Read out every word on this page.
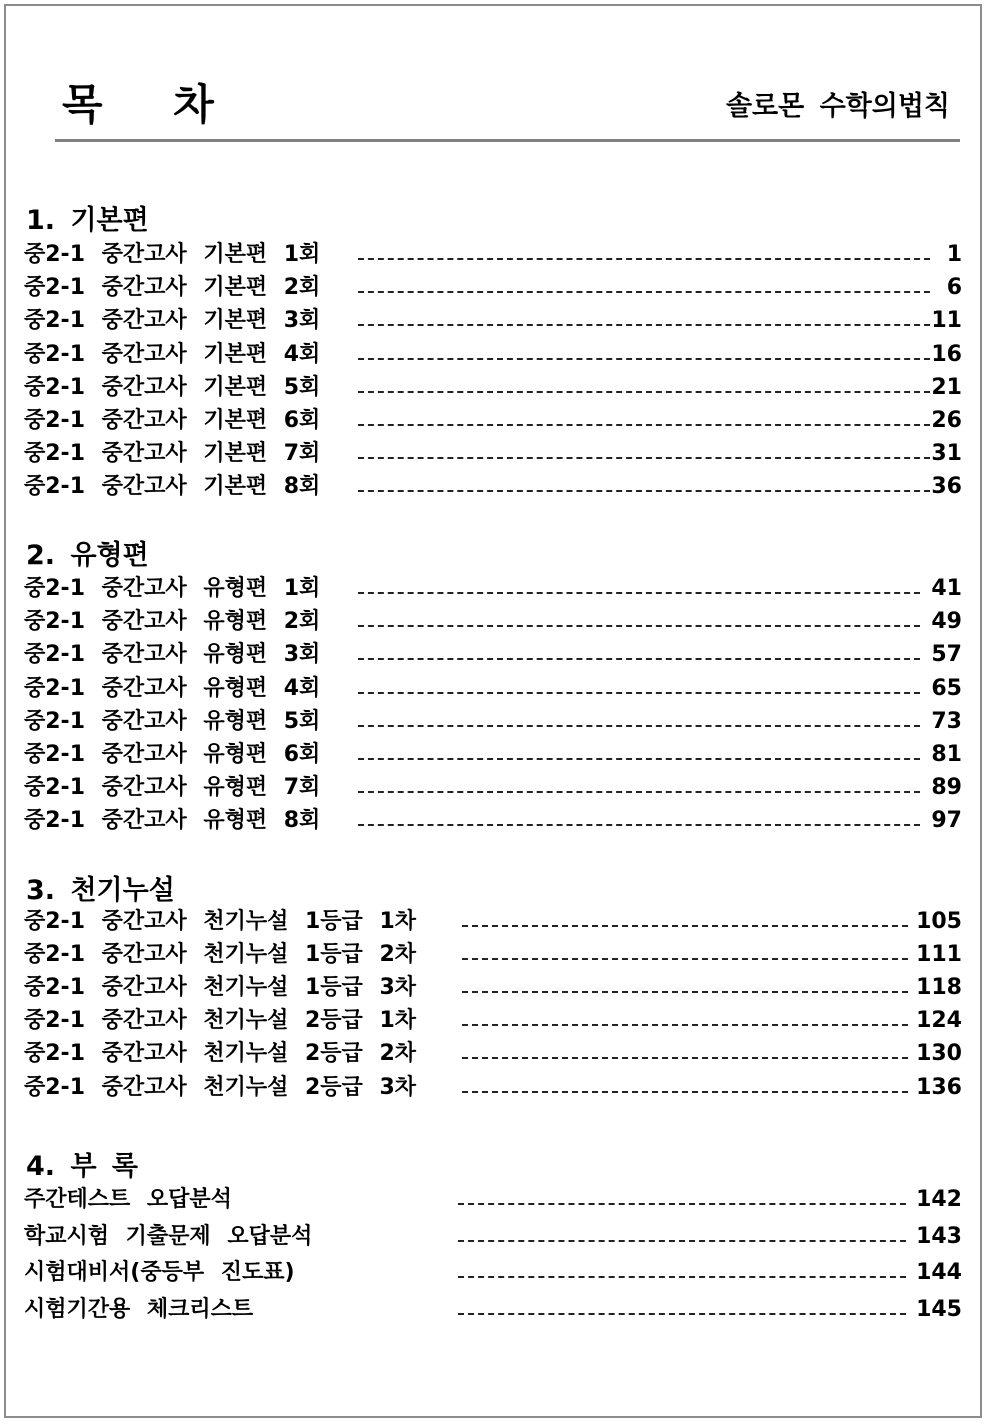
목 차	솔로몬 수학의법칙
1. 기본편
중2-1 중간고사 기본편 1회	1
중2-1 중간고사 기본편 2회	6
중2-1 중간고사 기본편 3회	11
중2-1 중간고사 기본편 4회	16
중2-1 중간고사 기본편 5회	21
중2-1 중간고사 기본편 6회	26
중2-1 중간고사 기본편 7회	31
중2-1 중간고사 기본편 8회	36
2. 유형편
중2-1 중간고사 유형편 1회	41
중2-1 중간고사 유형편 2회	49
중2-1 중간고사 유형편 3회	57
중2-1 중간고사 유형편 4회	65
중2-1 중간고사 유형편 5회	73
중2-1 중간고사 유형편 6회	81
중2-1 중간고사 유형편 7회	89
중2-1 중간고사 유형편 8회	97
3. 천기누설
중2-1 중간고사 천기누설 1등급 1차	105
중2-1 중간고사 천기누설 1등급 2차	111
중2-1 중간고사 천기누설 1등급 3차	118
중2-1 중간고사 천기누설 2등급 1차	124
중2-1 중간고사 천기누설 2등급 2차	130
중2-1 중간고사 천기누설 2등급 3차	136
4. 부 록
주간테스트 오답분석	142
학교시험 기출문제 오답분석	143
시험대비서(중등부 진도표)	144
시험기간용 체크리스트	145
